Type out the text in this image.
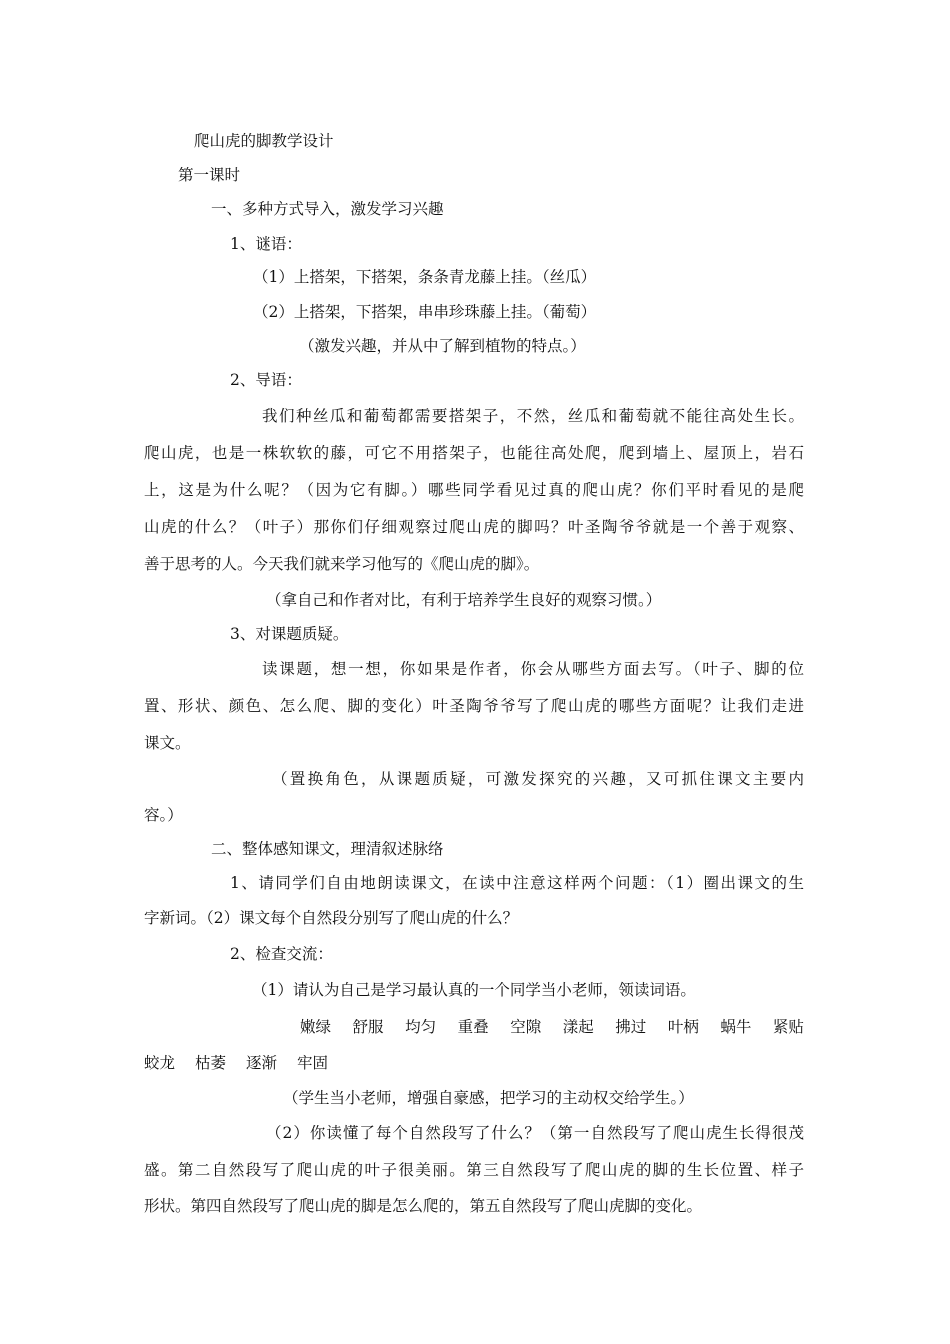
爬山虎的脚教学设计
第一课时
一、多种方式导入，激发学习兴趣
1、谜语：
（1）上搭架，下搭架，条条青龙藤上挂。（丝瓜）
（2）上搭架，下搭架，串串珍珠藤上挂。（葡萄）
（激发兴趣，并从中了解到植物的特点。）
2、导语：
我们种丝瓜和葡萄都需要搭架子，不然，丝瓜和葡萄就不能往高处生长。
爬山虎，也是一株软软的藤，可它不用搭架子，也能往高处爬，爬到墙上、屋顶上，岩石
上，这是为什么呢？（因为它有脚。）哪些同学看见过真的爬山虎？你们平时看见的是爬
山虎的什么？（叶子）那你们仔细观察过爬山虎的脚吗？叶圣陶爷爷就是一个善于观察、
善于思考的人。今天我们就来学习他写的《爬山虎的脚》。
（拿自己和作者对比，有利于培养学生良好的观察习惯。）
3、对课题质疑。
读课题，想一想，你如果是作者，你会从哪些方面去写。（叶子、脚的位
置、形状、颜色、怎么爬、脚的变化）叶圣陶爷爷写了爬山虎的哪些方面呢？让我们走进
课文。
（置换角色，从课题质疑，可激发探究的兴趣，又可抓住课文主要内
容。）
二、整体感知课文，理清叙述脉络
1、请同学们自由地朗读课文，在读中注意这样两个问题：（1）圈出课文的生
字新词。（2）课文每个自然段分别写了爬山虎的什么？
2、检查交流：
（1）请认为自己是学习最认真的一个同学当小老师，领读词语。
嫩绿 舒服 均匀 重叠 空隙 漾起 拂过 叶柄 蜗牛 紧贴
蛟龙 枯萎 逐渐 牢固
（学生当小老师，增强自豪感，把学习的主动权交给学生。）
（2）你读懂了每个自然段写了什么？（第一自然段写了爬山虎生长得很茂
盛。第二自然段写了爬山虎的叶子很美丽。第三自然段写了爬山虎的脚的生长位置、样子
形状。第四自然段写了爬山虎的脚是怎么爬的，第五自然段写了爬山虎脚的变化。
